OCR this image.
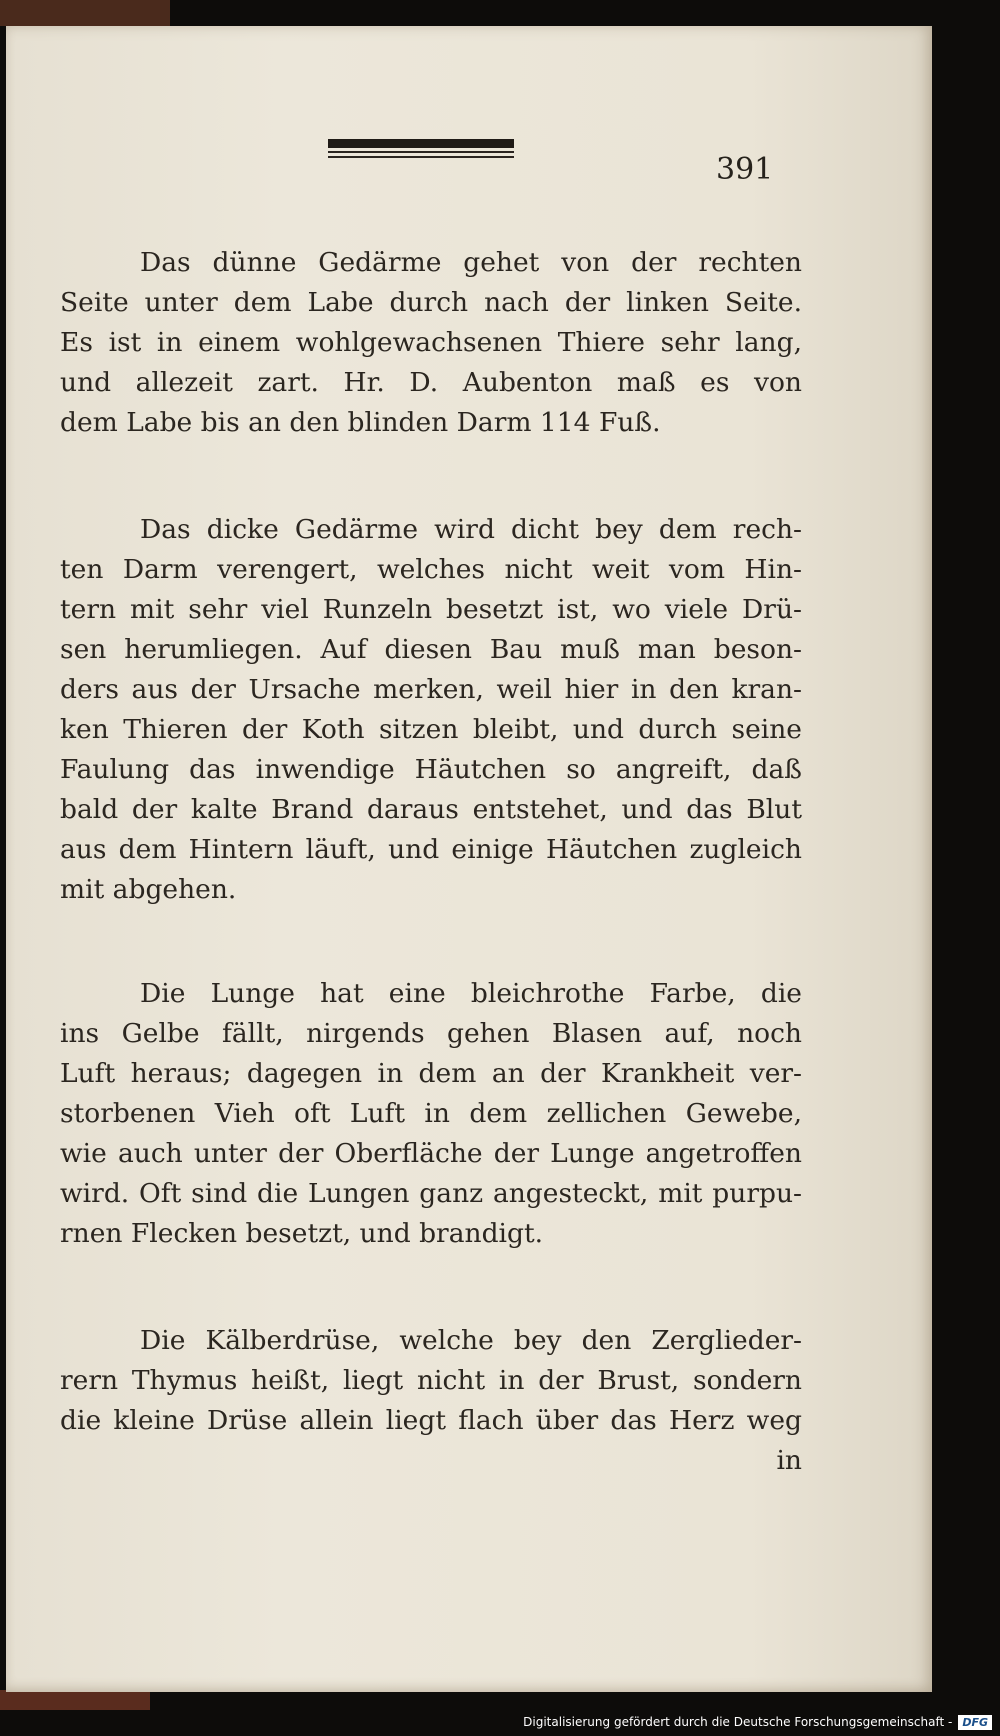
391

Das dünne Gedärme gehet von der rechten
Seite unter dem Labe durch nach der linken Seite.
Es ist in einem wohlgewachsenen Thiere sehr lang,
und allezeit zart. Hr. D. Aubenton maß es von
dem Labe bis an den blinden Darm 114 Fuß.

Das dicke Gedärme wird dicht bey dem rech-
ten Darm verengert, welches nicht weit vom Hin-
tern mit sehr viel Runzeln besetzt ist, wo viele Drü-
sen herumliegen. Auf diesen Bau muß man beson-
ders aus der Ursache merken, weil hier in den kran-
ken Thieren der Koth sitzen bleibt, und durch seine
Faulung das inwendige Häutchen so angreift, daß
bald der kalte Brand daraus entstehet, und das Blut
aus dem Hintern läuft, und einige Häutchen zugleich
mit abgehen.

Die Lunge hat eine bleichrothe Farbe, die
ins Gelbe fällt, nirgends gehen Blasen auf, noch
Luft heraus; dagegen in dem an der Krankheit ver-
storbenen Vieh oft Luft in dem zellichen Gewebe,
wie auch unter der Oberfläche der Lunge angetroffen
wird. Oft sind die Lungen ganz angesteckt, mit purpu-
rnen Flecken besetzt, und brandigt.

Die Kälberdrüse, welche bey den Zerglieder-
rern Thymus heißt, liegt nicht in der Brust, sondern
die kleine Drüse allein liegt flach über das Herz weg
in

Digitalisierung gefördert durch die Deutsche Forschungsgemeinschaft - DFG
